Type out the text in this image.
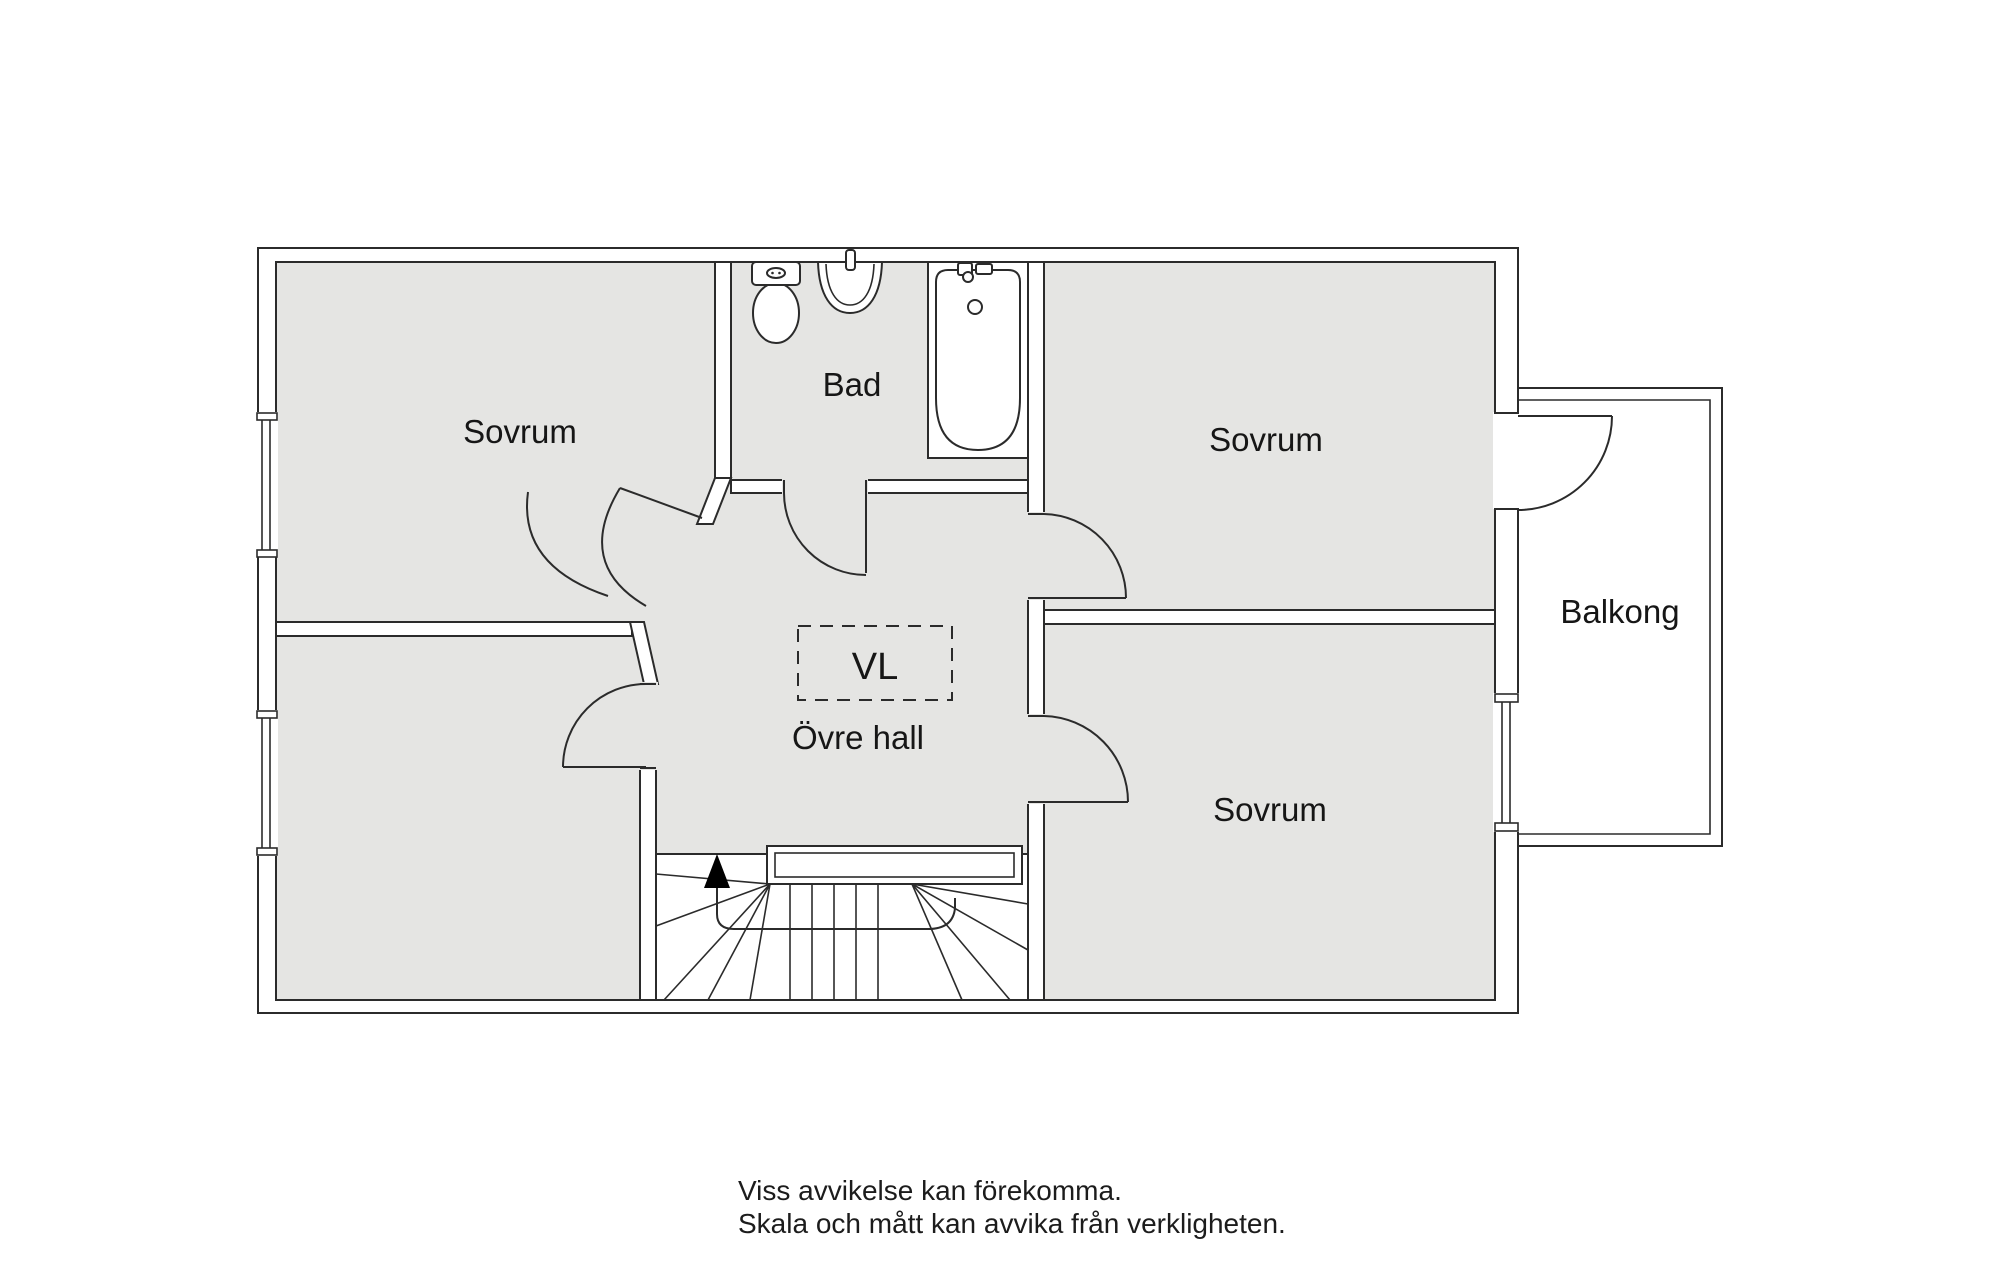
Sovrum
Bad
Sovrum
Sovrum
Balkong
VL
Övre hall
Viss avvikelse kan förekomma.
Skala och mått kan avvika från verkligheten.
